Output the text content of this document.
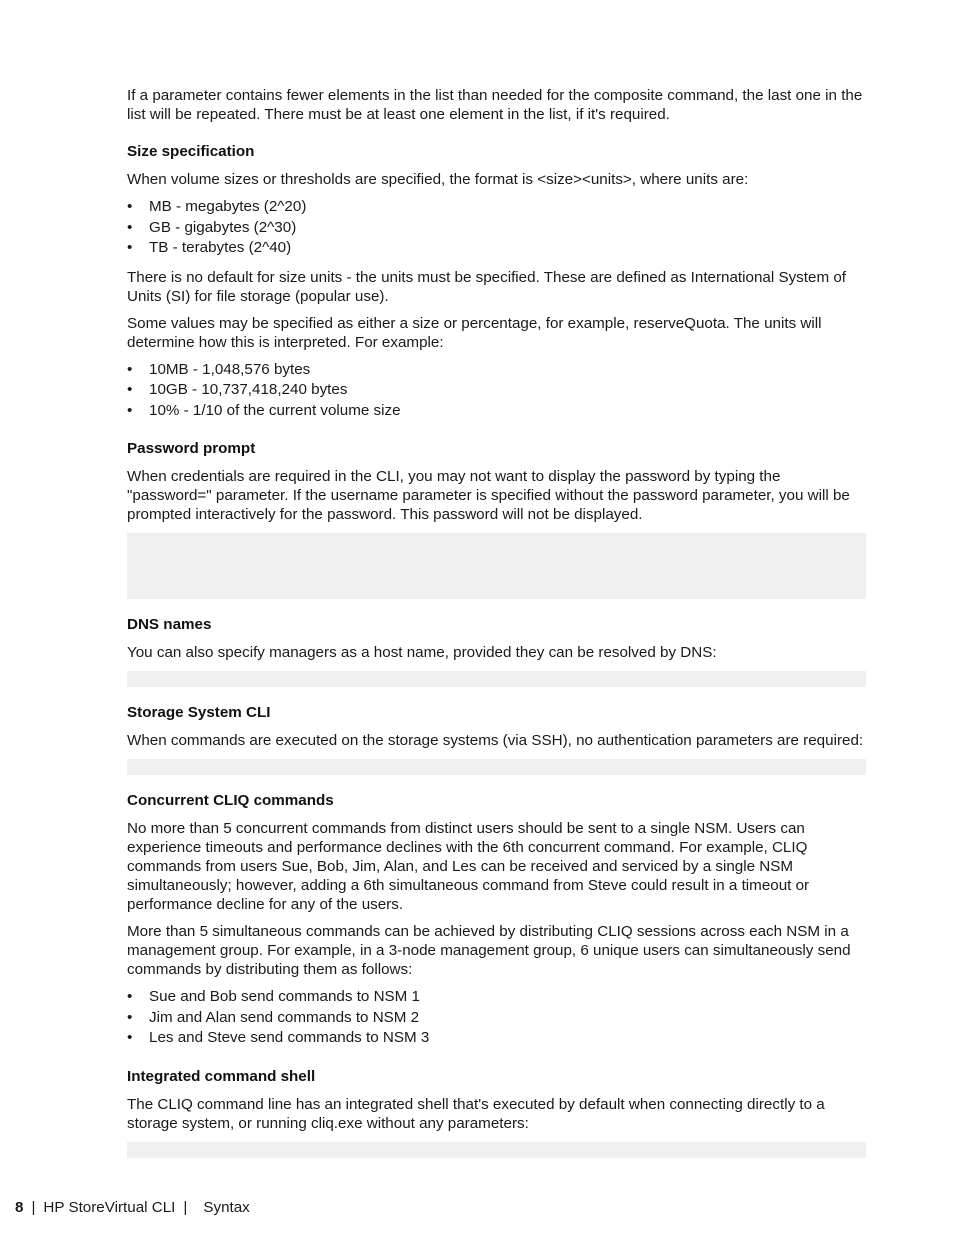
If a parameter contains fewer elements in the list than needed for the composite command, the last one in the list will be repeated. There must be at least one element in the list, if it's required.

Size specification

When volume sizes or thresholds are specified, the format is <size><units>, where units are:

• MB - megabytes (2^20)
• GB - gigabytes (2^30)
• TB - terabytes (2^40)

There is no default for size units - the units must be specified. These are defined as International System of Units (SI) for file storage (popular use).

Some values may be specified as either a size or percentage, for example, reserveQuota. The units will determine how this is interpreted. For example:

• 10MB - 1,048,576 bytes
• 10GB - 10,737,418,240 bytes
• 10% - 1/10 of the current volume size
Password prompt

When credentials are required in the CLI, you may not want to display the password by typing the "password=" parameter. If the username parameter is specified without the password parameter, you will be prompted interactively for the password. This password will not be displayed.

DNS names

You can also specify managers as a host name, provided they can be resolved by DNS:

Storage System CLI

When commands are executed on the storage systems (via SSH), no authentication parameters are required:

Concurrent CLIQ commands

No more than 5 concurrent commands from distinct users should be sent to a single NSM. Users can experience timeouts and performance declines with the 6th concurrent command. For example, CLIQ commands from users Sue, Bob, Jim, Alan, and Les can be received and serviced by a single NSM simultaneously; however, adding a 6th simultaneous command from Steve could result in a timeout or performance decline for any of the users.

More than 5 simultaneous commands can be achieved by distributing CLIQ sessions across each NSM in a management group. For example, in a 3-node management group, 6 unique users can simultaneously send commands by distributing them as follows:

• Sue and Bob send commands to NSM 1
• Jim and Alan send commands to NSM 2
• Les and Steve send commands to NSM 3
Integrated command shell

The CLIQ command line has an integrated shell that's executed by default when connecting directly to a storage system, or running cliq.exe without any parameters:

8 | HP StoreVirtual CLI | Syntax
